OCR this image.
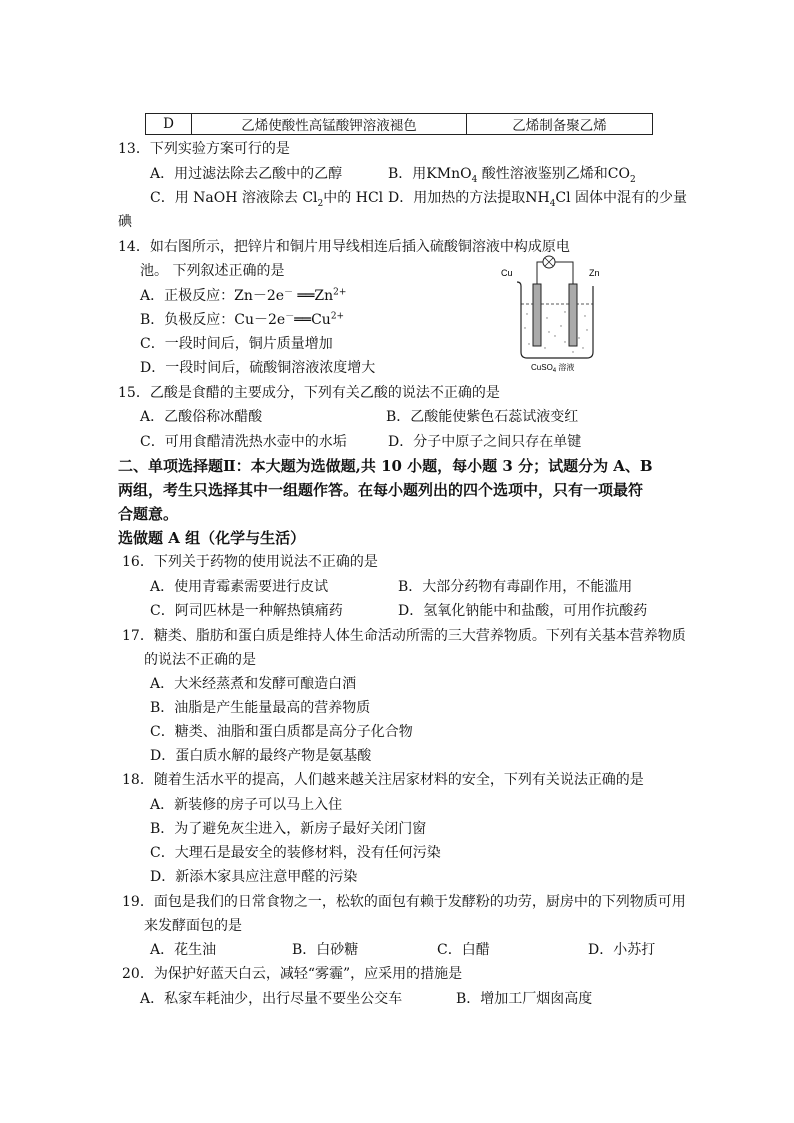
D	乙烯使酸性高锰酸钾溶液褪色	乙烯制备聚乙烯
13．下列实验方案可行的是
A．用过滤法除去乙酸中的乙醇	B．用KMnO$_4$ 酸性溶液鉴别乙烯和$CO_2$
C．用 NaOH 溶液除去 $Cl_2$中的 HCl D．用加热的方法提取$NH_4Cl$ 固体中混有的少量
碘
14．如右图所示，把锌片和铜片用导线相连后插入硫酸铜溶液中构成原电
池。 下列叙述正确的是
A．正极反应：Zn－2e－ $══Zn^{2+}$
B．负极反应：$Cu-2e^-══Cu^{2+}$
C．一段时间后，铜片质量增加
D．一段时间后，硫酸铜溶液浓度增大
Cu	Zn
CuSO$_4$ 溶液
15．乙酸是食醋的主要成分，下列有关乙酸的说法不正确的是
A．乙酸俗称冰醋酸	B．乙酸能使紫色石蕊试液变红
C．可用食醋清洗热水壶中的水垢	D．分子中原子之间只存在单键
二、单项选择题Ⅱ：本大题为选做题,共 10 小题，每小题 3 分；试题分为 A、B
两组，考生只选择其中一组题作答。在每小题列出的四个选项中，只有一项最符
合题意。
选做题 A 组（化学与生活）
16．下列关于药物的使用说法不正确的是
A．使用青霉素需要进行皮试	B．大部分药物有毒副作用，不能滥用
C．阿司匹林是一种解热镇痛药	D．氢氧化钠能中和盐酸，可用作抗酸药
17．糖类、脂肪和蛋白质是维持人体生命活动所需的三大营养物质。下列有关基本营养物质
的说法不正确的是
A．大米经蒸煮和发酵可酿造白酒
B．油脂是产生能量最高的营养物质
C．糖类、油脂和蛋白质都是高分子化合物
D．蛋白质水解的最终产物是氨基酸
18．随着生活水平的提高，人们越来越关注居家材料的安全，下列有关说法正确的是
A．新装修的房子可以马上入住
B．为了避免灰尘进入，新房子最好关闭门窗
C．大理石是最安全的装修材料，没有任何污染
D．新添木家具应注意甲醛的污染
19．面包是我们的日常食物之一，松软的面包有赖于发酵粉的功劳，厨房中的下列物质可用
来发酵面包的是
A．花生油	B．白砂糖	C．白醋	D．小苏打
20．为保护好蓝天白云，减轻“雾霾”，应采用的措施是
A．私家车耗油少，出行尽量不要坐公交车	B．增加工厂烟囱高度
